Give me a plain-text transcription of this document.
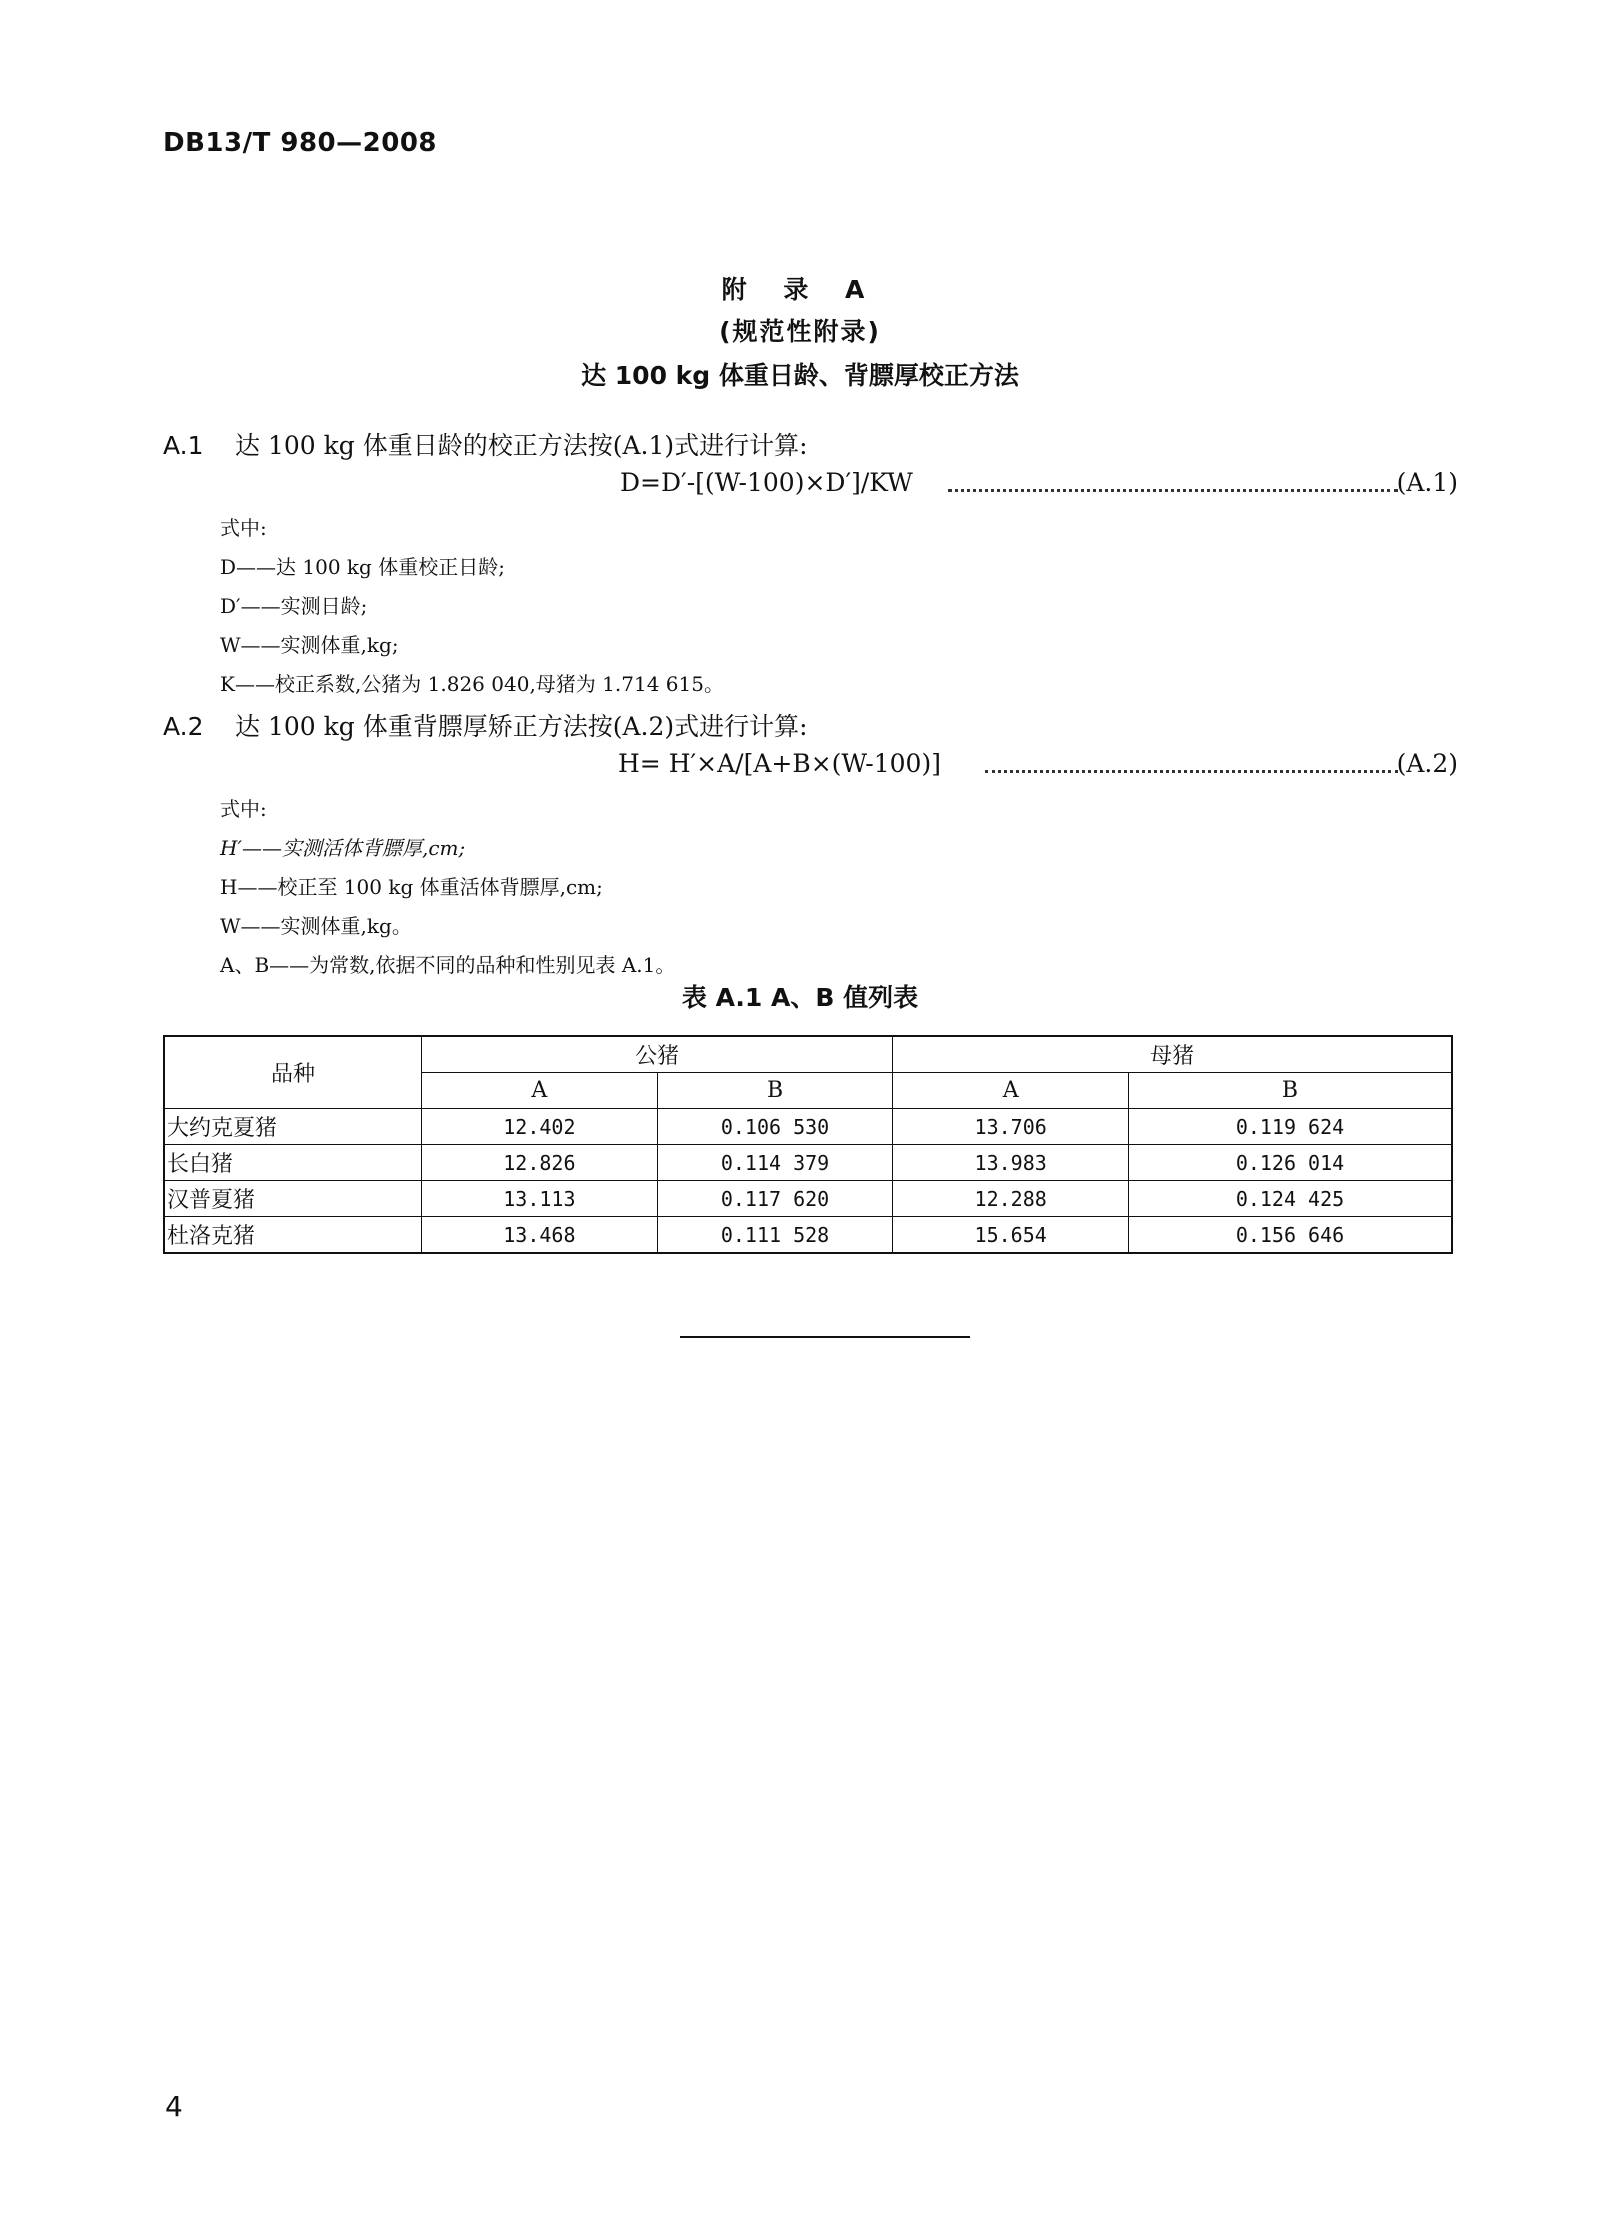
DB13/T 980—2008
附 录 A
(规范性附录)
达 100 kg 体重日龄、背膘厚校正方法
A.1 达 100 kg 体重日龄的校正方法按(A.1)式进行计算:
D=D′-[(W-100)×D′]/KW	(A.1)
式中:
D——达 100 kg 体重校正日龄;
D′——实测日龄;
W——实测体重,kg;
K——校正系数,公猪为 1.826 040,母猪为 1.714 615。
A.2 达 100 kg 体重背膘厚矫正方法按(A.2)式进行计算:
H= H′×A/[A+B×(W-100)]	(A.2)
式中:
H′——实测活体背膘厚,cm;
H——校正至 100 kg 体重活体背膘厚,cm;
W——实测体重,kg。
A、B——为常数,依据不同的品种和性别见表 A.1。
表 A.1 A、B 值列表
品种	公猪		母猪	
	A	B	A	B
大约克夏猪	12.402	0.106 530	13.706	0.119 624
长白猪	12.826	0.114 379	13.983	0.126 014
汉普夏猪	13.113	0.117 620	12.288	0.124 425
杜洛克猪	13.468	0.111 528	15.654	0.156 646
4
